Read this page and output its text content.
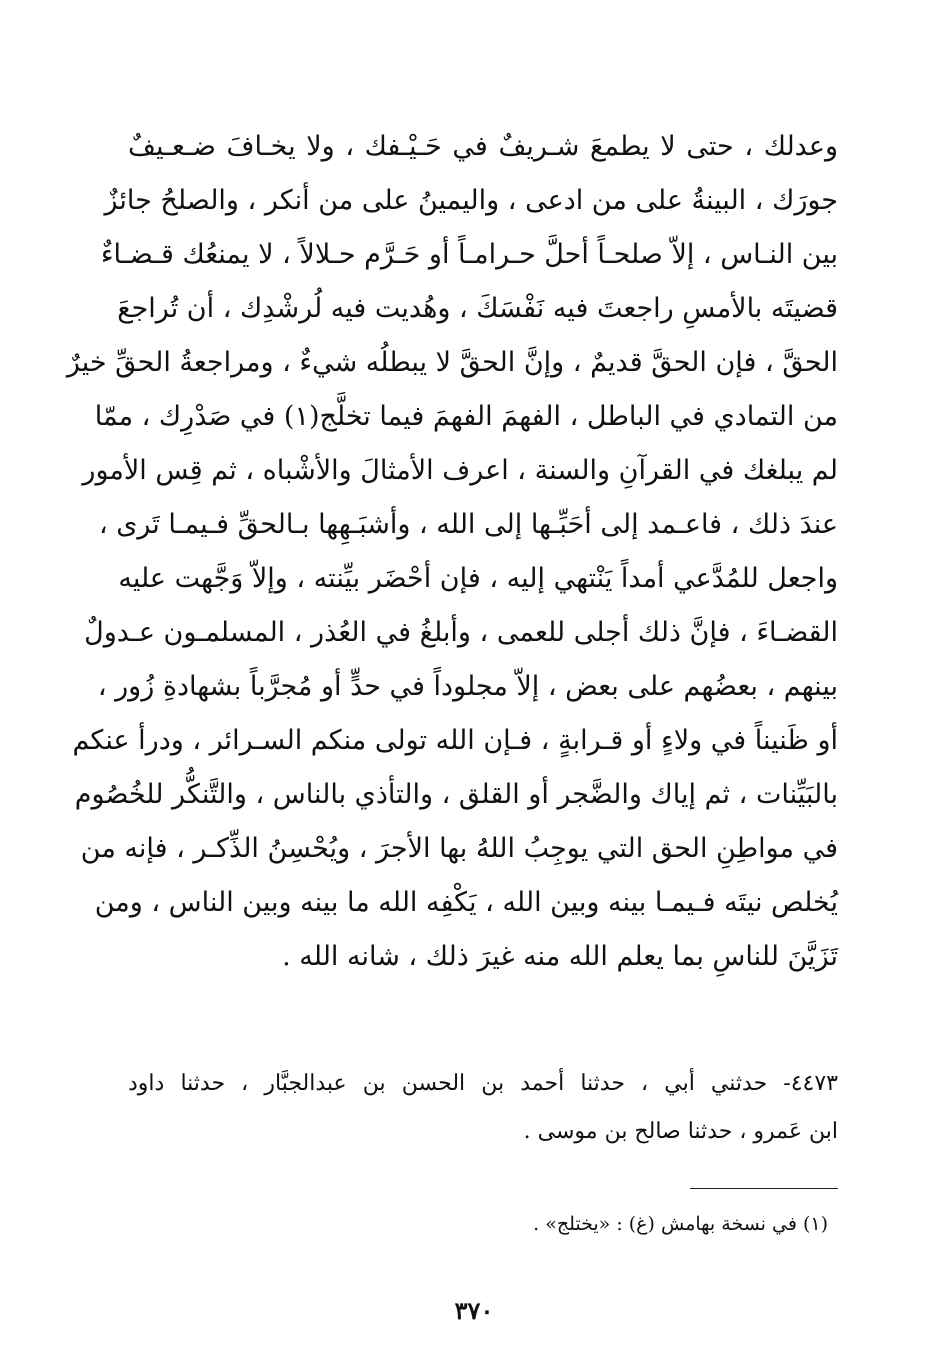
وعدلك ، حتى لا يطمعَ شـريفٌ في حَـيْـفك ، ولا يخـافَ ضـعـيفٌ
جورَك ، البينةُ على من ادعى ، واليمينُ على من أنكر ، والصلحُ جائزٌ
بين النـاس ، إلاّ صلحـاً أحلَّ حـرامـاً أو حَـرَّم حـلالاً ، لا يمنعُك قـضـاءٌ
قضيتَه بالأمسِ راجعتَ فيه نَفْسَكَ ، وهُديت فيه لُرشْدِك ، أن تُراجعَ
الحقَّ ، فإن الحقَّ قديمٌ ، وإنَّ الحقَّ لا يبطلُه شيءٌ ، ومراجعةُ الحقِّ خيرٌ
من التمادي في الباطل ، الفهمَ الفهمَ فيما تخلَّج(١) في صَدْرِك ، ممّا
لم يبلغك في القرآنِ والسنة ، اعرف الأمثالَ والأشْباه ، ثم قِس الأمور
عندَ ذلك ، فاعـمد إلى أحَبِّـها إلى الله ، وأشبَـهِها بـالحقِّ فـيمـا تَرى ،
واجعل للمُدَّعي أمداً يَنْتهي إليه ، فإن أحْضَر بيِّنته ، وإلاّ وَجَّهت عليه
القضـاءَ ، فإنَّ ذلك أجلى للعمى ، وأبلغُ في العُذر ، المسلمـون عـدولٌ
بينهم ، بعضُهم على بعض ، إلاّ مجلوداً في حدٍّ أو مُجرَّباً بشهادةِ زُور ،
أو ظَنيناً في ولاءٍ أو قـرابةٍ ، فـإن الله تولى منكم السـرائر ، ودرأ عنكم
بالبَيِّنات ، ثم إياك والضَّجر أو القلق ، والتأذي بالناس ، والتَّنكُّر للخُصُوم
في مواطِنِ الحق التي يوجِبُ اللهُ بها الأجرَ ، ويُحْسِنُ الذِّكـر ، فإنه من
يُخلص نيتَه فـيمـا بينه وبين الله ، يَكْفِه الله ما بينه وبين الناس ، ومن
تَزَيَّنَ للناسِ بما يعلم الله منه غيرَ ذلك ، شانه الله .
٤٤٧٣- حدثني أبي ، حدثنا أحمد بن الحسن بن عبدالجبَّار ، حدثنا داود
ابن عَمرو ، حدثنا صالح بن موسى .
(١) في نسخة بهامش (غ) : «يختلج» .
٣٧٠
